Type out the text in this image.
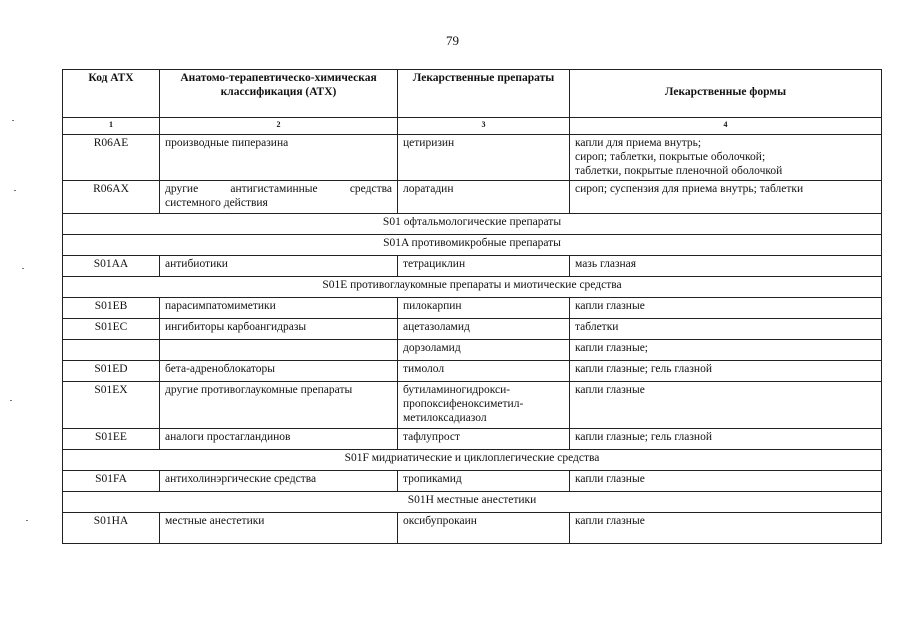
79
Код АТХ	Анатомо-терапевтическо-химическая классификация (АТХ)	Лекарственные препараты	Лекарственные формы
1	2	3	4
R06AE	производные пиперазина	цетиризин	капли для приема внутрь;
сироп; таблетки, покрытые оболочкой;
таблетки, покрытые пленочной оболочкой
R06AX	другие антигистаминные средства системного действия	лоратадин	сироп; суспензия для приема внутрь; таблетки
S01 офтальмологические препараты			
S01A противомикробные препараты			
S01AA	антибиотики	тетрациклин	мазь глазная
S01E противоглаукомные препараты и миотические средства			
S01EB	парасимпатомиметики	пилокарпин	капли глазные
S01EC	ингибиторы карбоангидразы	ацетазоламид	таблетки
		дорзоламид	капли глазные;
S01ED	бета-адреноблокаторы	тимолол	капли глазные; гель глазной
S01EX	другие противоглаукомные препараты	бутиламиногидрокси-
пропоксифеноксиметил-
метилоксадиазол	капли глазные
S01EE	аналоги простагландинов	тафлупрост	капли глазные; гель глазной
S01F мидриатические и циклоплегические средства			
S01FA	антихолинэргические средства	тропикамид	капли глазные
S01H местные анестетики			
S01HA	местные анестетики	оксибупрокаин	капли глазные
